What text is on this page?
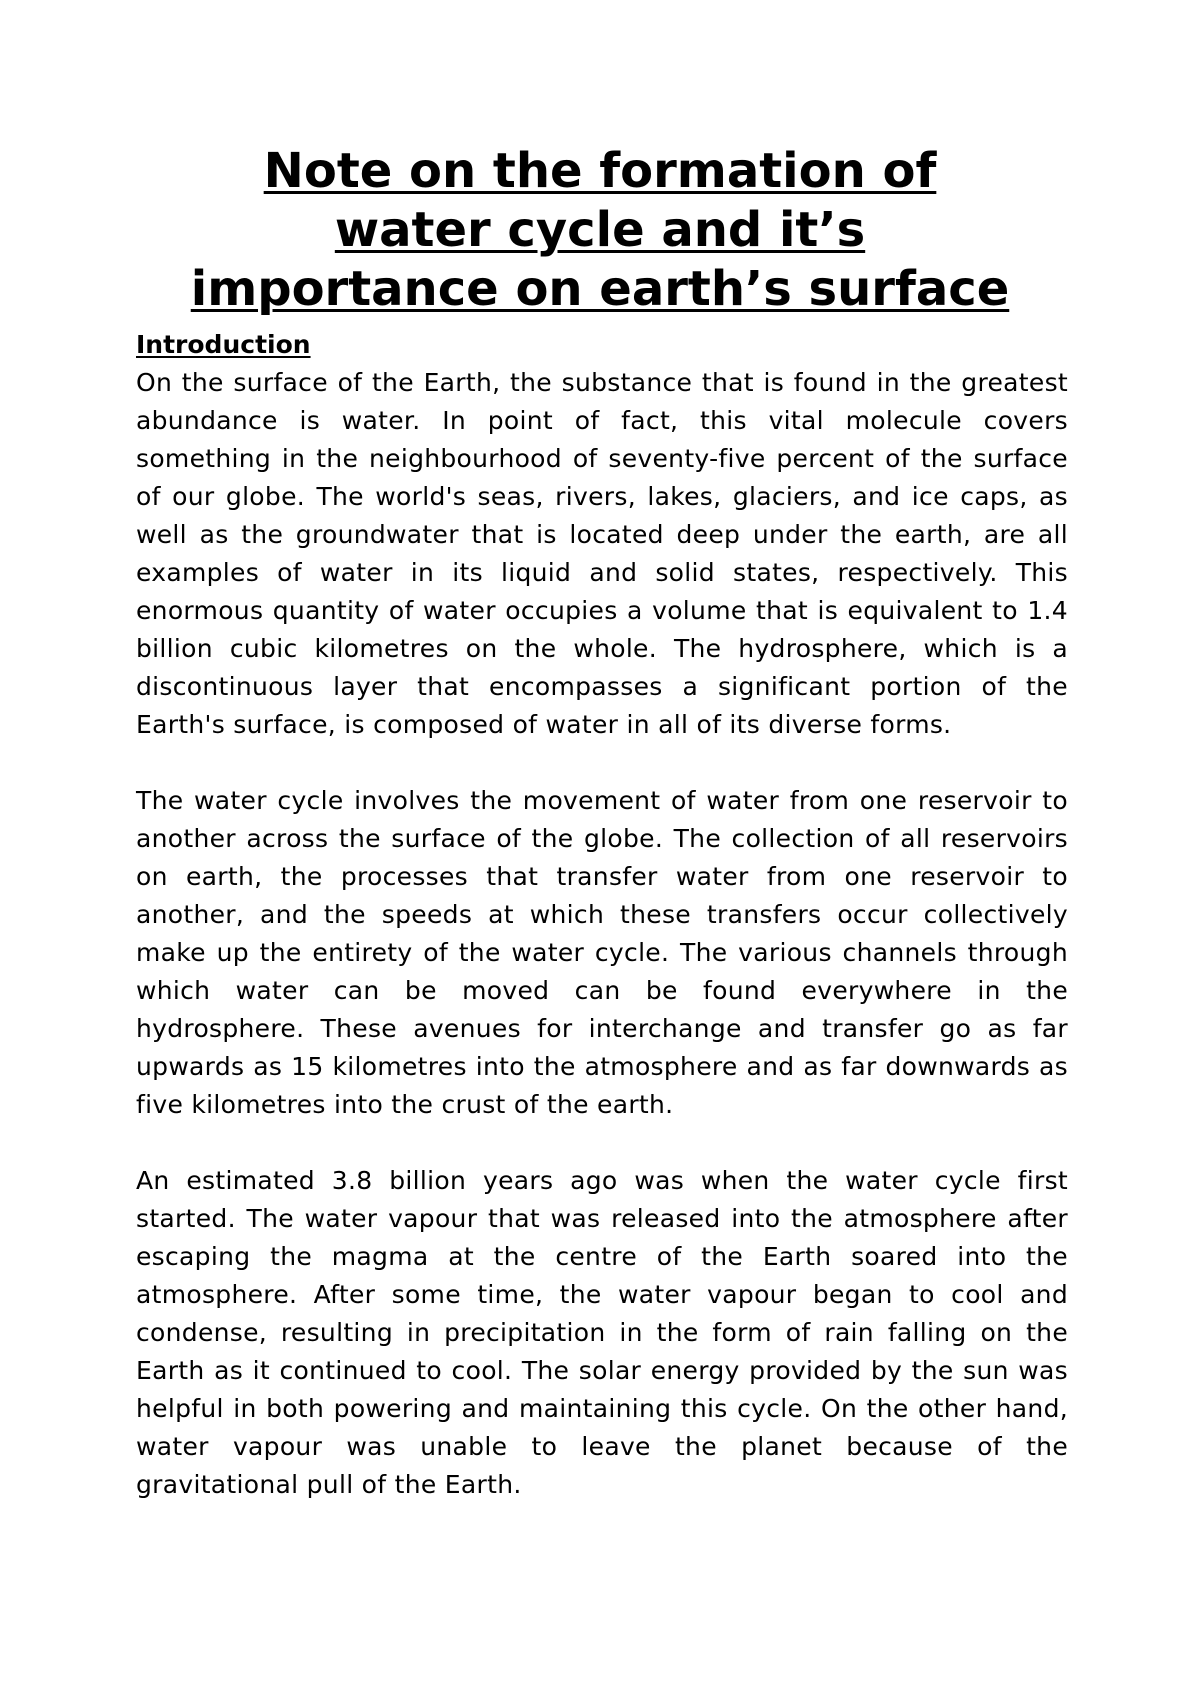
Note on the formation of
water cycle and it’s
importance on earth’s surface
Introduction

On the surface of the Earth, the substance that is found in the greatest abundance is water. In point of fact, this vital molecule covers something in the neighbourhood of seventy-five percent of the surface of our globe. The world's seas, rivers, lakes, glaciers, and ice caps, as well as the groundwater that is located deep under the earth, are all examples of water in its liquid and solid states, respectively. This enormous quantity of water occupies a volume that is equivalent to 1.4 billion cubic kilometres on the whole. The hydrosphere, which is a discontinuous layer that encompasses a significant portion of the Earth's surface, is composed of water in all of its diverse forms.

The water cycle involves the movement of water from one reservoir to another across the surface of the globe. The collection of all reservoirs on earth, the processes that transfer water from one reservoir to another, and the speeds at which these transfers occur collectively make up the entirety of the water cycle. The various channels through which water can be moved can be found everywhere in the hydrosphere. These avenues for interchange and transfer go as far upwards as 15 kilometres into the atmosphere and as far downwards as five kilometres into the crust of the earth.

An estimated 3.8 billion years ago was when the water cycle first started. The water vapour that was released into the atmosphere after escaping the magma at the centre of the Earth soared into the atmosphere. After some time, the water vapour began to cool and condense, resulting in precipitation in the form of rain falling on the Earth as it continued to cool. The solar energy provided by the sun was helpful in both powering and maintaining this cycle. On the other hand, water vapour was unable to leave the planet because of the gravitational pull of the Earth.
